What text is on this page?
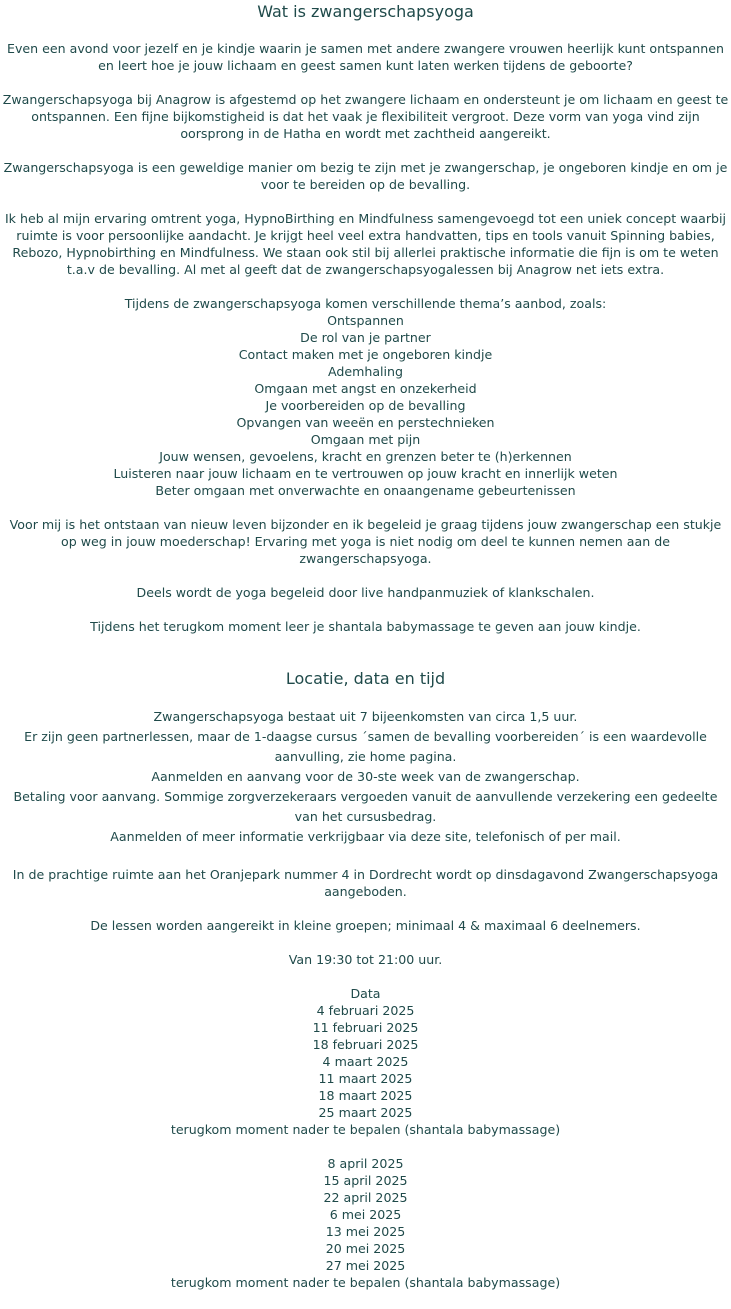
Wat is zwangerschapsyoga

Even een avond voor jezelf en je kindje waarin je samen met andere zwangere vrouwen heerlijk kunt ontspannen en leert hoe je jouw lichaam en geest samen kunt laten werken tijdens de geboorte?

Zwangerschapsyoga bij Anagrow is afgestemd op het zwangere lichaam en ondersteunt je om lichaam en geest te ontspannen. Een fijne bijkomstigheid is dat het vaak je flexibiliteit vergroot. Deze vorm van yoga vind zijn oorsprong in de Hatha en wordt met zachtheid aangereikt.

Zwangerschapsyoga is een geweldige manier om bezig te zijn met je zwangerschap, je ongeboren kindje en om je voor te bereiden op de bevalling.

Ik heb al mijn ervaring omtrent yoga, HypnoBirthing en Mindfulness samengevoegd tot een uniek concept waarbij ruimte is voor persoonlijke aandacht. Je krijgt heel veel extra handvatten, tips en tools vanuit Spinning babies, Rebozo, Hypnobirthing en Mindfulness. We staan ook stil bij allerlei praktische informatie die fijn is om te weten t.a.v de bevalling. Al met al geeft dat de zwangerschapsyogalessen bij Anagrow net iets extra.

Tijdens de zwangerschapsyoga komen verschillende thema’s aanbod, zoals:

Ontspannen
De rol van je partner
Contact maken met je ongeboren kindje
Ademhaling
Omgaan met angst en onzekerheid
Je voorbereiden op de bevalling
Opvangen van weeën en perstechnieken
Omgaan met pijn
Jouw wensen, gevoelens, kracht en grenzen beter te (h)erkennen
Luisteren naar jouw lichaam en te vertrouwen op jouw kracht en innerlijk weten
Beter omgaan met onverwachte en onaangename gebeurtenissen

Voor mij is het ontstaan van nieuw leven bijzonder en ik begeleid je graag tijdens jouw zwangerschap een stukje op weg in jouw moederschap! Ervaring met yoga is niet nodig om deel te kunnen nemen aan de zwangerschapsyoga.

Deels wordt de yoga begeleid door live handpanmuziek of klankschalen.

Tijdens het terugkom moment leer je shantala babymassage te geven aan jouw kindje.

Locatie, data en tijd

Zwangerschapsyoga bestaat uit 7 bijeenkomsten van circa 1,5 uur.

Er zijn geen partnerlessen, maar de 1-daagse cursus ´samen de bevalling voorbereiden´ is een waardevolle aanvulling, zie home pagina.

Aanmelden en aanvang voor de 30-ste week van de zwangerschap.

Betaling voor aanvang. Sommige zorgverzekeraars vergoeden vanuit de aanvullende verzekering een gedeelte van het cursusbedrag.

Aanmelden of meer informatie verkrijgbaar via deze site, telefonisch of per mail.

In de prachtige ruimte aan het Oranjepark nummer 4 in Dordrecht wordt op dinsdagavond Zwangerschapsyoga aangeboden.

De lessen worden aangereikt in kleine groepen; minimaal 4 & maximaal 6 deelnemers.

Van 19:30 tot 21:00 uur.

Data

4 februari 2025
11 februari 2025
18 februari 2025
4 maart 2025
11 maart 2025
18 maart 2025
25 maart 2025
terugkom moment nader te bepalen (shantala babymassage)
8 april 2025
15 april 2025
22 april 2025
6 mei 2025
13 mei 2025
20 mei 2025
27 mei 2025
terugkom moment nader te bepalen (shantala babymassage)
